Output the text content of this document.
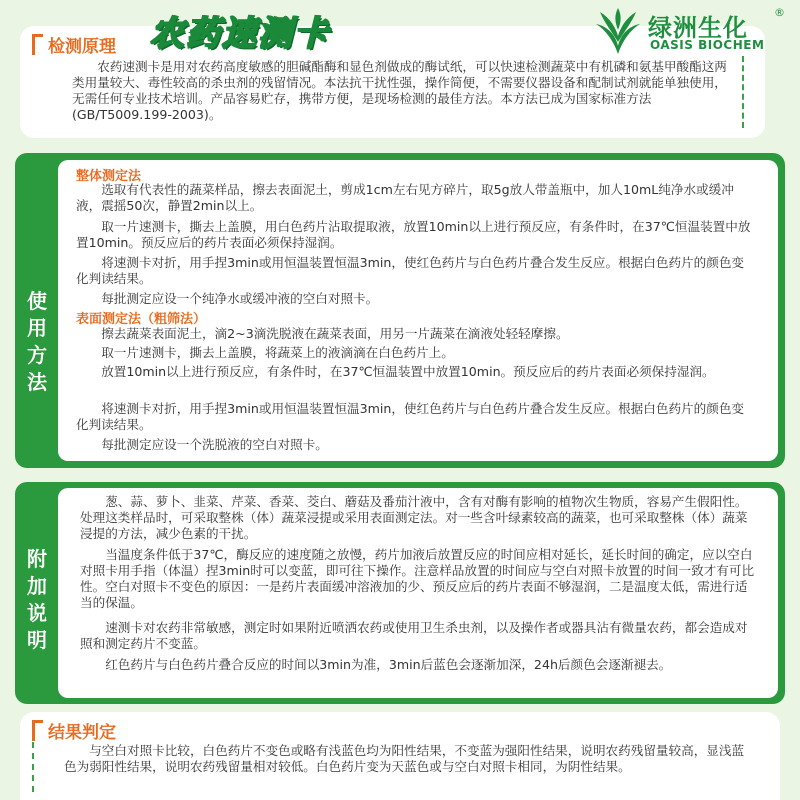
检测原理

农药速测卡是用对农药高度敏感的胆碱酯酶和显色剂做成的酶试纸，可以快速检测蔬菜中有机磷和氨基甲酸酯这两类用量较大、毒性较高的杀虫剂的残留情况。本法抗干扰性强，操作简便，不需要仪器设备和配制试剂就能单独使用，无需任何专业技术培训。产品容易贮存，携带方便，是现场检测的最佳方法。本方法已成为国家标准方法(GB/T5009.199-2003)。

农药速测卡	绿洲生化
®
OASIS BIOCHEM
使
用
方
法
整体测定法

选取有代表性的蔬菜样品，擦去表面泥土，剪成1cm左右见方碎片，取5g放人带盖瓶中，加人10mL纯净水或缓冲液，震摇50次，静置2min以上。

取一片速测卡，撕去上盖膜，用白色药片沾取提取液，放置10min以上进行预反应，有条件时，在37℃恒温装置中放置10min。预反应后的药片表面必须保持湿润。

将速测卡对折，用手捏3min或用恒温装置恒温3min，使红色药片与白色药片叠合发生反应。根据白色药片的颜色变化判读结果。

每批测定应设一个纯净水或缓冲液的空白对照卡。

表面测定法（粗筛法）

擦去蔬菜表面泥土，滴2~3滴洗脱液在蔬菜表面，用另一片蔬菜在滴液处轻轻摩擦。

取一片速测卡，撕去上盖膜，将蔬菜上的液滴滴在白色药片上。

放置10min以上进行预反应，有条件时，在37℃恒温装置中放置10min。预反应后的药片表面必须保持湿润。

将速测卡对折，用手捏3min或用恒温装置恒温3min，使红色药片与白色药片叠合发生反应。根据白色药片的颜色变化判读结果。

每批测定应设一个洗脱液的空白对照卡。

附
加
说
明

葱、蒜、萝卜、韭菜、芹菜、香菜、茭白、蘑菇及番茄汁液中，含有对酶有影响的植物次生物质，容易产生假阳性。处理这类样品时，可采取整株（体）蔬菜浸提或采用表面测定法。对一些含叶绿素较高的蔬菜，也可采取整株（体）蔬菜浸提的方法，减少色素的干扰。

当温度条件低于37℃，酶反应的速度随之放慢，药片加液后放置反应的时间应相对延长，延长时间的确定，应以空白对照卡用手指（体温）捏3min时可以变蓝，即可往下操作。注意样品放置的时间应与空白对照卡放置的时间一致才有可比性。空白对照卡不变色的原因：一是药片表面缓冲溶液加的少、预反应后的药片表面不够湿润，二是温度太低，需进行适当的保温。

速测卡对农药非常敏感，测定时如果附近喷洒农药或使用卫生杀虫剂，以及操作者或器具沾有微量农药，都会造成对照和测定药片不变蓝。

红色药片与白色药片叠合反应的时间以3min为准，3min后蓝色会逐渐加深，24h后颜色会逐渐褪去。

结果判定

与空白对照卡比较，白色药片不变色或略有浅蓝色均为阳性结果，不变蓝为强阳性结果，说明农药残留量较高，显浅蓝色为弱阳性结果，说明农药残留量相对较低。白色药片变为天蓝色或与空白对照卡相同，为阴性结果。
